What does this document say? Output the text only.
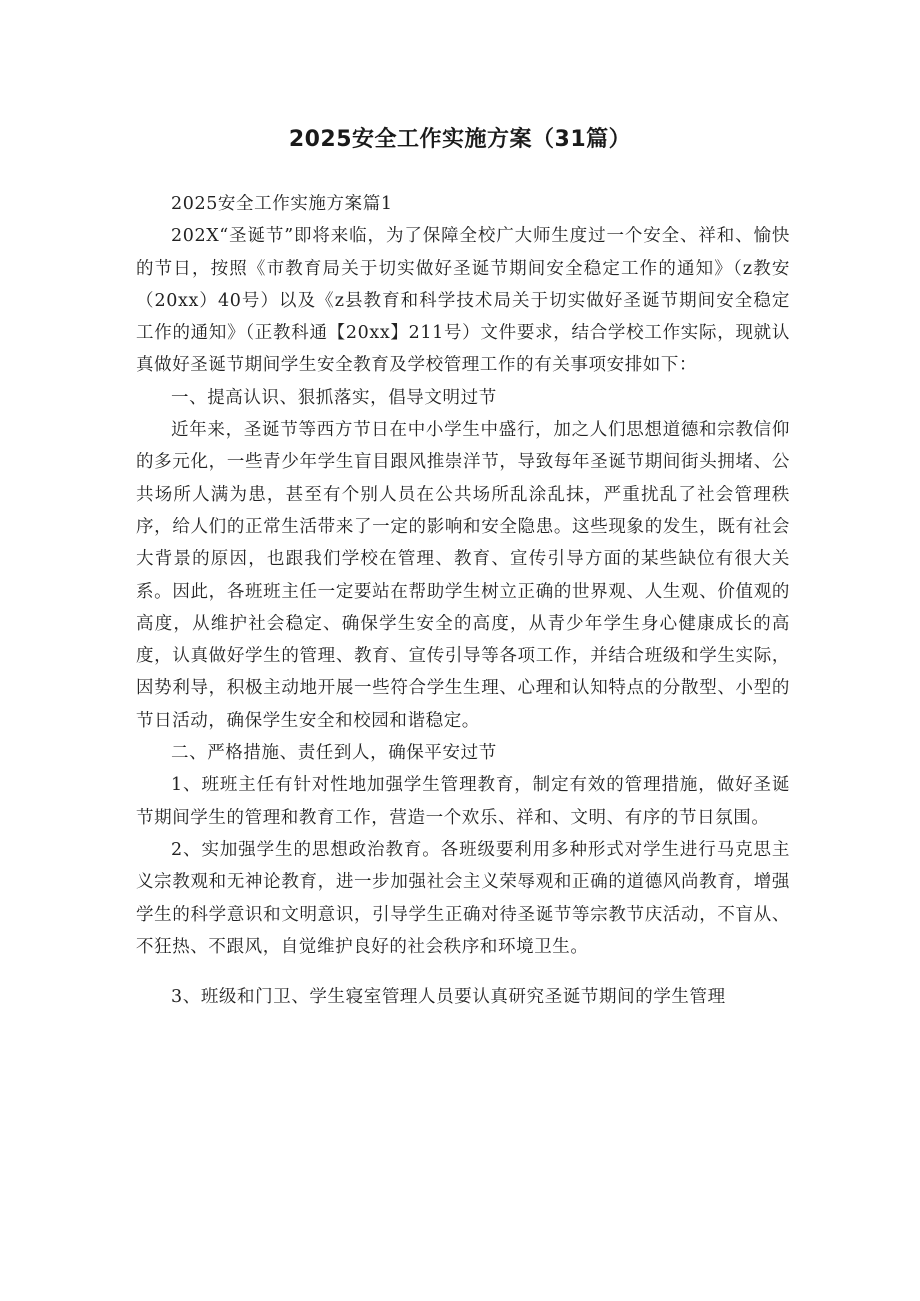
2025安全工作实施方案（31篇）

2025安全工作实施方案篇1

202X“圣诞节”即将来临，为了保障全校广大师生度过一个安全、祥和、愉快的节日，按照《市教育局关于切实做好圣诞节期间安全稳定工作的通知》（z教安（20xx）40号）以及《z县教育和科学技术局关于切实做好圣诞节期间安全稳定工作的通知》（正教科通【20xx】211号）文件要求，结合学校工作实际，现就认真做好圣诞节期间学生安全教育及学校管理工作的有关事项安排如下：

一、提高认识、狠抓落实，倡导文明过节

近年来，圣诞节等西方节日在中小学生中盛行，加之人们思想道德和宗教信仰的多元化，一些青少年学生盲目跟风推崇洋节，导致每年圣诞节期间街头拥堵、公共场所人满为患，甚至有个别人员在公共场所乱涂乱抹，严重扰乱了社会管理秩序，给人们的正常生活带来了一定的影响和安全隐患。这些现象的发生，既有社会大背景的原因，也跟我们学校在管理、教育、宣传引导方面的某些缺位有很大关系。因此，各班班主任一定要站在帮助学生树立正确的世界观、人生观、价值观的高度，从维护社会稳定、确保学生安全的高度，从青少年学生身心健康成长的高度，认真做好学生的管理、教育、宣传引导等各项工作，并结合班级和学生实际，因势利导，积极主动地开展一些符合学生生理、心理和认知特点的分散型、小型的节日活动，确保学生安全和校园和谐稳定。

二、严格措施、责任到人，确保平安过节

1、班班主任有针对性地加强学生管理教育，制定有效的管理措施，做好圣诞节期间学生的管理和教育工作，营造一个欢乐、祥和、文明、有序的节日氛围。

2、实加强学生的思想政治教育。各班级要利用多种形式对学生进行马克思主义宗教观和无神论教育，进一步加强社会主义荣辱观和正确的道德风尚教育，增强学生的科学意识和文明意识，引导学生正确对待圣诞节等宗教节庆活动，不盲从、不狂热、不跟风，自觉维护良好的社会秩序和环境卫生。

3、班级和门卫、学生寝室管理人员要认真研究圣诞节期间的学生管理
